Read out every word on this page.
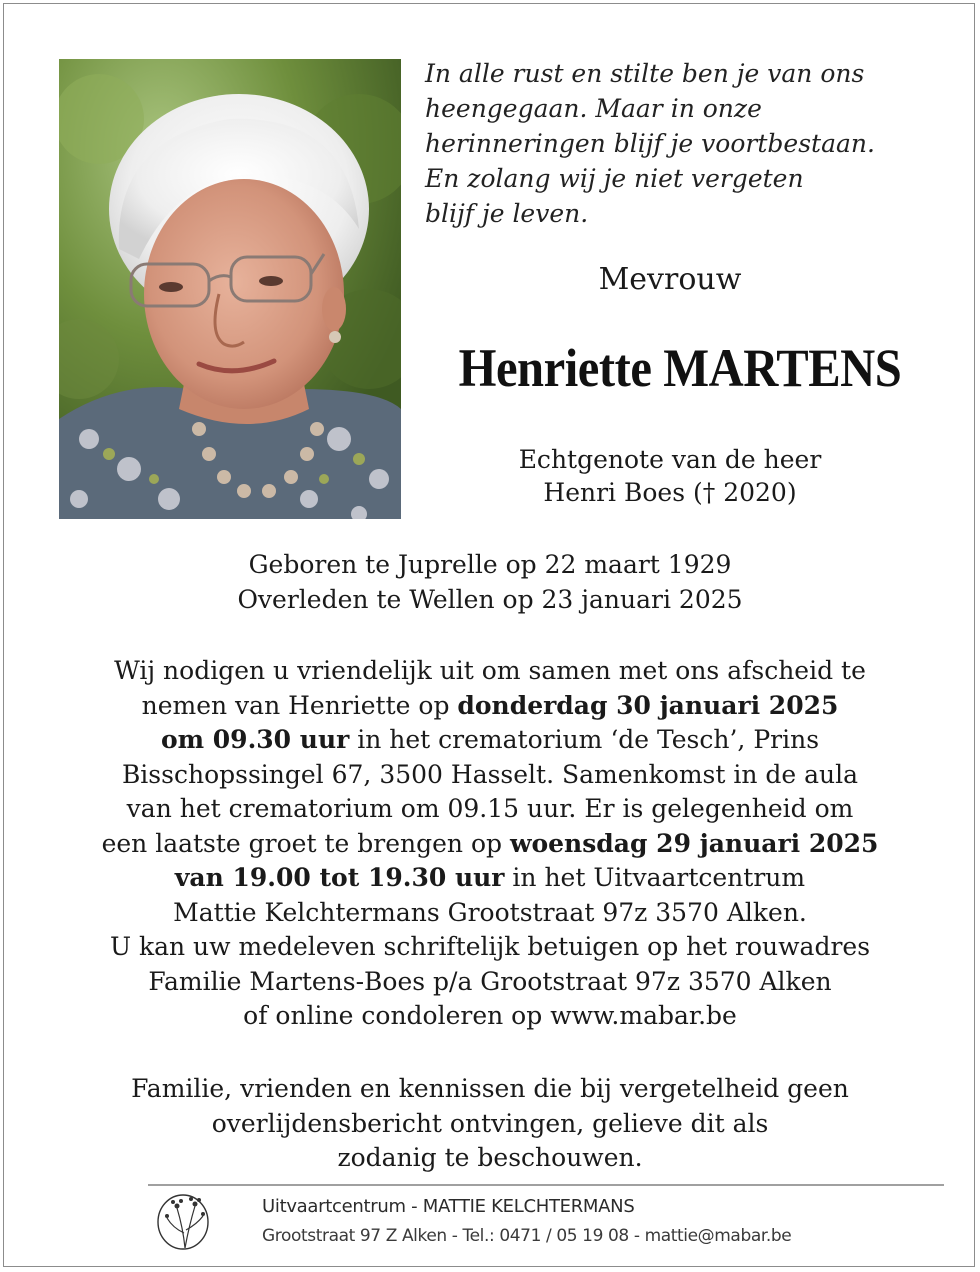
In alle rust en stilte ben je van ons
heengegaan. Maar in onze
herinneringen blijf je voortbestaan.
En zolang wij je niet vergeten
blijf je leven.
Mevrouw
Henriette MARTENS
Echtgenote van de heer
Henri Boes († 2020)
Geboren te Juprelle op 22 maart 1929
Overleden te Wellen op 23 januari 2025
Wij nodigen u vriendelijk uit om samen met ons afscheid te
nemen van Henriette op donderdag 30 januari 2025
om 09.30 uur in het crematorium ‘de Tesch’, Prins
Bisschopssingel 67, 3500 Hasselt. Samenkomst in de aula
van het crematorium om 09.15 uur. Er is gelegenheid om
een laatste groet te brengen op woensdag 29 januari 2025
van 19.00 tot 19.30 uur in het Uitvaartcentrum
Mattie Kelchtermans Grootstraat 97z 3570 Alken.
U kan uw medeleven schriftelijk betuigen op het rouwadres
Familie Martens-Boes p/a Grootstraat 97z 3570 Alken
of online condoleren op www.mabar.be
Familie, vrienden en kennissen die bij vergetelheid geen
overlijdensbericht ontvingen, gelieve dit als
zodanig te beschouwen.
Uitvaartcentrum - MATTIE KELCHTERMANS
Grootstraat 97 Z Alken - Tel.: 0471 / 05 19 08 - mattie@mabar.be
